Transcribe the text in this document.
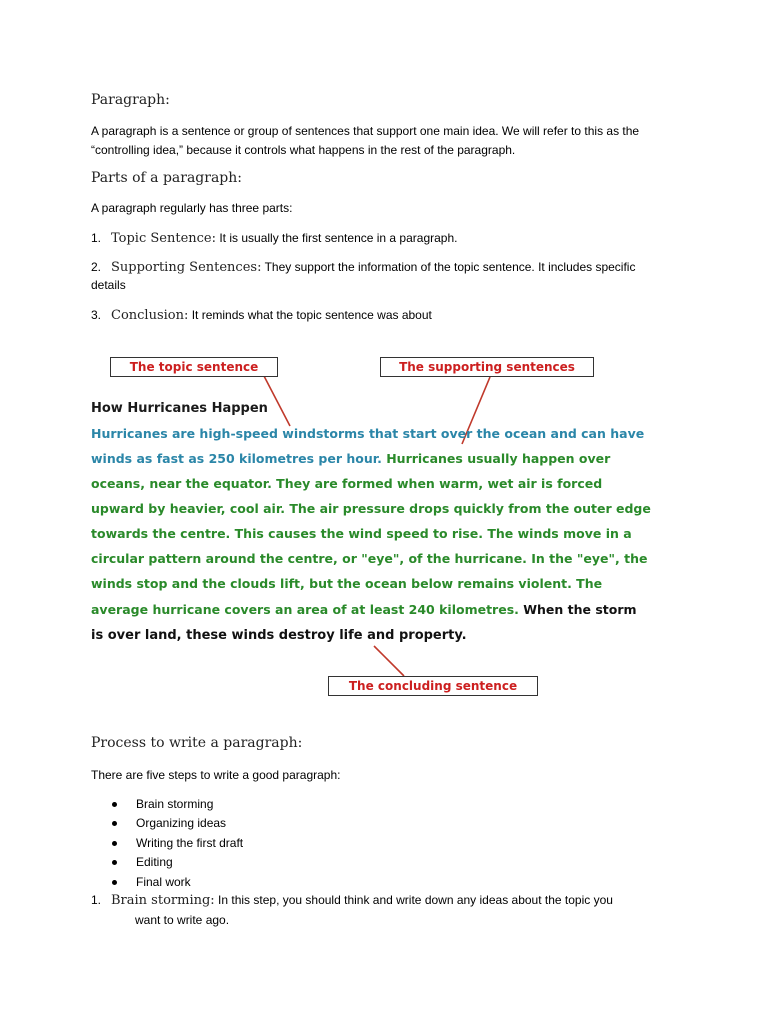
Paragraph:

A paragraph is a sentence or group of sentences that support one main idea. We will refer to this as the

“controlling idea,” because it controls what happens in the rest of the paragraph.

Parts of a paragraph:

A paragraph regularly has three parts:

1. Topic Sentence: It is usually the first sentence in a paragraph.
2. Supporting Sentences: They support the information of the topic sentence. It includes specific
details
3. Conclusion: It reminds what the topic sentence was about
The topic sentence	The supporting sentences
How Hurricanes Happen
Hurricanes are high-speed windstorms that start over the ocean and can have
winds as fast as 250 kilometres per hour. Hurricanes usually happen over
oceans, near the equator. They are formed when warm, wet air is forced
upward by heavier, cool air. The air pressure drops quickly from the outer edge
towards the centre. This causes the wind speed to rise. The winds move in a
circular pattern around the centre, or "eye", of the hurricane. In the "eye", the
winds stop and the clouds lift, but the ocean below remains violent. The
average hurricane covers an area of at least 240 kilometres. When the storm
is over land, these winds destroy life and property.
The concluding sentence
Process to write a paragraph:

There are five steps to write a good paragraph:

Brain storming
Organizing ideas
Writing the first draft
Editing
Final work
1. Brain storming: In this step, you should think and write down any ideas about the topic you
want to write ago.
